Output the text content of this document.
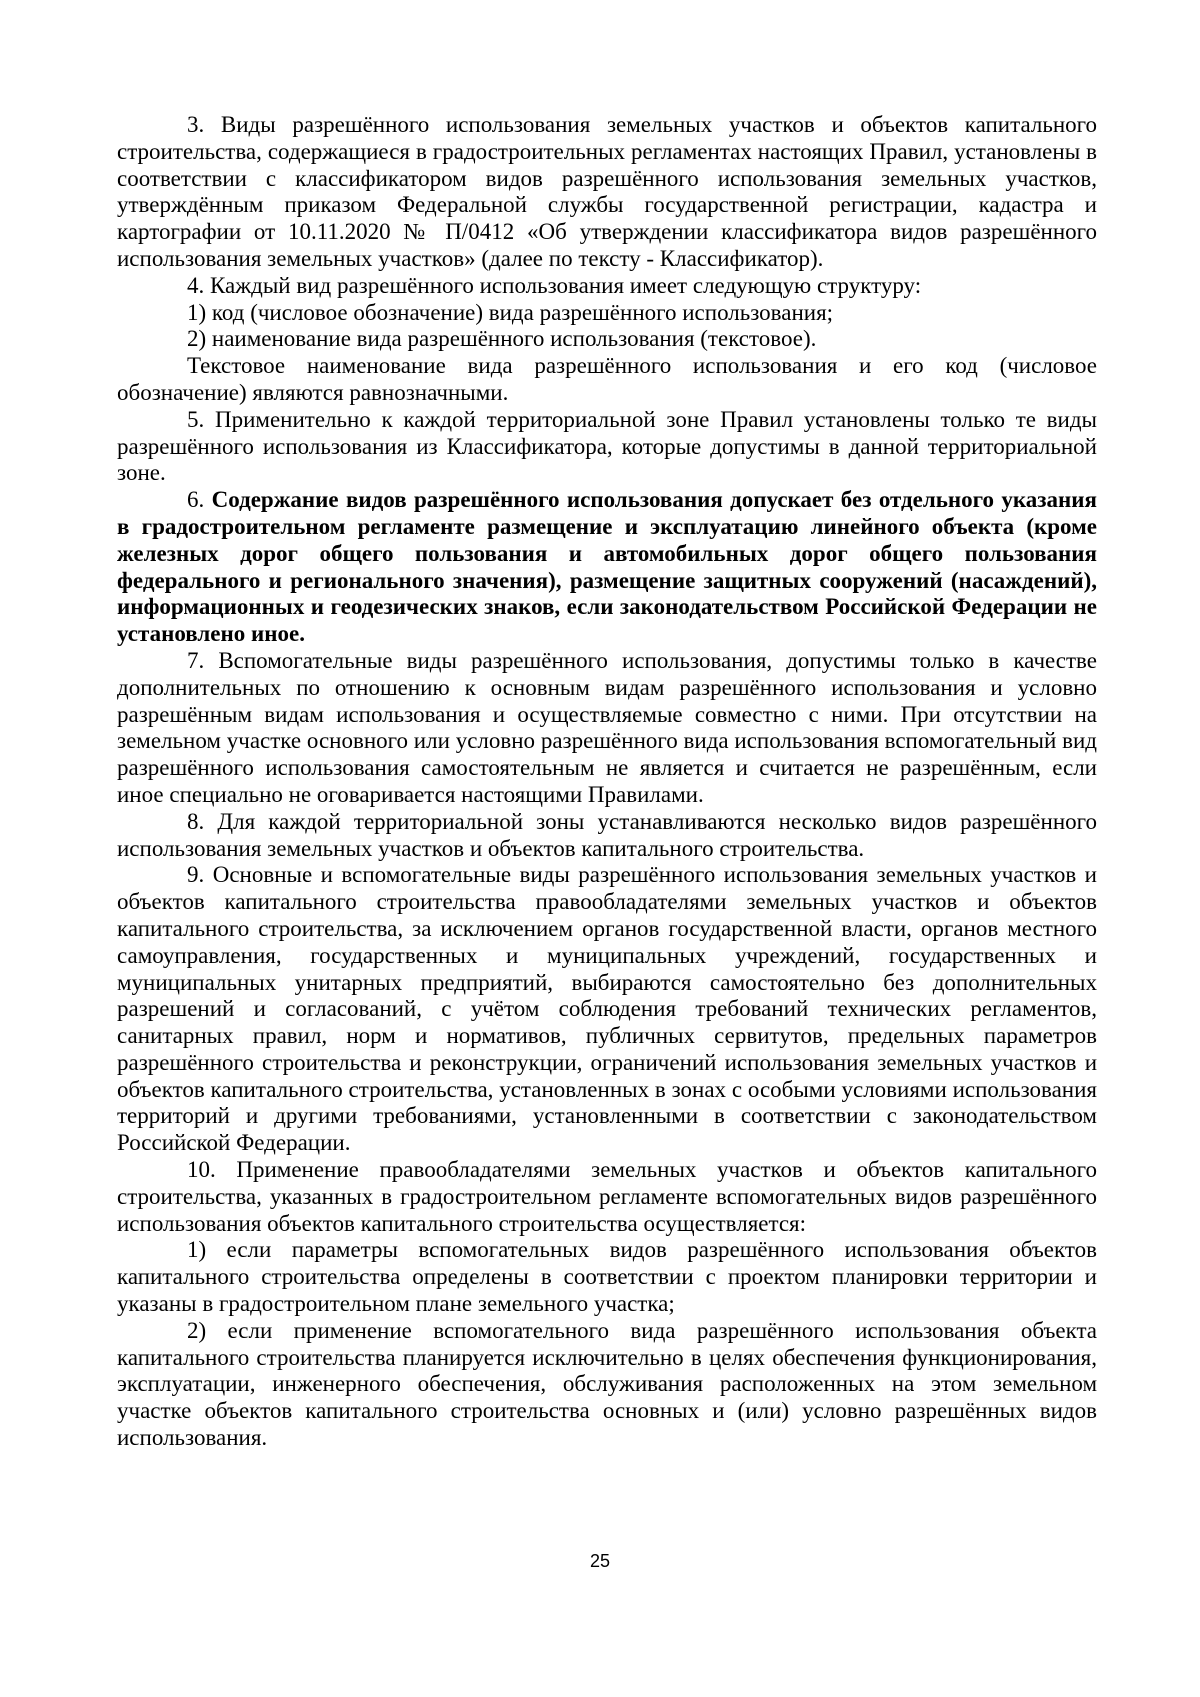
3. Виды разрешённого использования земельных участков и объектов капитального строительства, содержащиеся в градостроительных регламентах настоящих Правил, установлены в соответствии с классификатором видов разрешённого использования земельных участков, утверждённым приказом Федеральной службы государственной регистрации, кадастра и картографии от 10.11.2020 № П/0412 «Об утверждении классификатора видов разрешённого использования земельных участков» (далее по тексту - Классификатор).

4. Каждый вид разрешённого использования имеет следующую структуру:

1) код (числовое обозначение) вида разрешённого использования;

2) наименование вида разрешённого использования (текстовое).

Текстовое наименование вида разрешённого использования и его код (числовое обозначение) являются равнозначными.

5. Применительно к каждой территориальной зоне Правил установлены только те виды разрешённого использования из Классификатора, которые допустимы в данной территориальной зоне.

6. Содержание видов разрешённого использования допускает без отдельного указания в градостроительном регламенте размещение и эксплуатацию линейного объекта (кроме железных дорог общего пользования и автомобильных дорог общего пользования федерального и регионального значения), размещение защитных сооружений (насаждений), информационных и геодезических знаков, если законодательством Российской Федерации не установлено иное.

7. Вспомогательные виды разрешённого использования, допустимы только в качестве дополнительных по отношению к основным видам разрешённого использования и условно разрешённым видам использования и осуществляемые совместно с ними. При отсутствии на земельном участке основного или условно разрешённого вида использования вспомогательный вид разрешённого использования самостоятельным не является и считается не разрешённым, если иное специально не оговаривается настоящими Правилами.

8. Для каждой территориальной зоны устанавливаются несколько видов разрешённого использования земельных участков и объектов капитального строительства.

9. Основные и вспомогательные виды разрешённого использования земельных участков и объектов капитального строительства правообладателями земельных участков и объектов капитального строительства, за исключением органов государственной власти, органов местного самоуправления, государственных и муниципальных учреждений, государственных и муниципальных унитарных предприятий, выбираются самостоятельно без дополнительных разрешений и согласований, с учётом соблюдения требований технических регламентов, санитарных правил, норм и нормативов, публичных сервитутов, предельных параметров разрешённого строительства и реконструкции, ограничений использования земельных участков и объектов капитального строительства, установленных в зонах с особыми условиями использования территорий и другими требованиями, установленными в соответствии с законодательством Российской Федерации.

10. Применение правообладателями земельных участков и объектов капитального строительства, указанных в градостроительном регламенте вспомогательных видов разрешённого использования объектов капитального строительства осуществляется:

1) если параметры вспомогательных видов разрешённого использования объектов капитального строительства определены в соответствии с проектом планировки территории и указаны в градостроительном плане земельного участка;

2) если применение вспомогательного вида разрешённого использования объекта капитального строительства планируется исключительно в целях обеспечения функционирования, эксплуатации, инженерного обеспечения, обслуживания расположенных на этом земельном участке объектов капитального строительства основных и (или) условно разрешённых видов использования.

25
